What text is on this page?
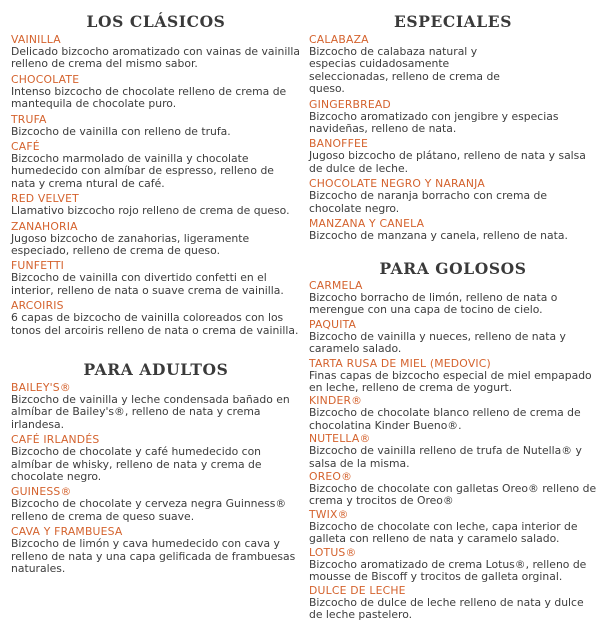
LOS CLÁSICOS
VAINILLA
Delicado bizcocho aromatizado con vainas de vainilla relleno de crema del mismo sabor.
CHOCOLATE
Intenso bizcocho de chocolate relleno de crema de mantequila de chocolate puro.
TRUFA
Bizcocho de vainilla con relleno de trufa.
CAFÉ
Bizcocho marmolado de vainilla y chocolate humedecido con almíbar de espresso, relleno de nata y crema ntural de café.
RED VELVET
Llamativo bizcocho rojo relleno de crema de queso.
ZANAHORIA
Jugoso bizcocho de zanahorias, ligeramente especiado, relleno de crema de queso.
FUNFETTI
Bizcocho de vainilla con divertido confetti en el interior, relleno de nata o suave crema de vainilla.
ARCOIRIS
6 capas de bizcocho de vainilla coloreados con los tonos del arcoiris relleno de nata o crema de vainilla.
PARA ADULTOS
BAILEY'S®
Bizcocho de vainilla y leche condensada bañado en almíbar de Bailey's®, relleno de nata y crema irlandesa.
CAFÉ IRLANDÉS
Bizcocho de chocolate y café humedecido con almíbar de whisky, relleno de nata y crema de chocolate negro.
GUINESS®
Bizcocho de chocolate y cerveza negra Guinness® relleno de crema de queso suave.
CAVA Y FRAMBUESA
Bizcocho de limón y cava humedecido con cava y relleno de nata y una capa gelificada de frambuesas naturales.
ESPECIALES
CALABAZA
Bizcocho de calabaza natural y especias cuidadosamente seleccionadas, relleno de crema de queso.
GINGERBREAD
Bizcocho aromatizado con jengibre y especias navideñas, relleno de nata.
BANOFFEE
Jugoso bizcocho de plátano, relleno de nata y salsa de dulce de leche.
CHOCOLATE NEGRO Y NARANJA
Bizcocho de naranja borracho con crema de chocolate negro.
MANZANA Y CANELA
Bizcocho de manzana y canela, relleno de nata.
PARA GOLOSOS
CARMELA
Bizcocho borracho de limón, relleno de nata o merengue con una capa de tocino de cielo.
PAQUITA
Bizcocho de vainilla y nueces, relleno de nata y caramelo salado.
TARTA RUSA DE MIEL (MEDOVIC)
Finas capas de bizcocho especial de miel empapado en leche, relleno de crema de yogurt.
KINDER®
Bizcocho de chocolate blanco relleno de crema de chocolatina Kinder Bueno®.
NUTELLA®
Bizcocho de vainilla relleno de trufa de Nutella® y salsa de la misma.
OREO®
Bizcocho de chocolate con galletas Oreo® relleno de crema y trocitos de Oreo®
TWIX®
Bizcocho de chocolate con leche, capa interior de galleta con relleno de nata y caramelo salado.
LOTUS®
Bizcocho aromatizado de crema Lotus®, relleno de mousse de Biscoff y trocitos de galleta orginal.
DULCE DE LECHE
Bizcocho de dulce de leche relleno de nata y dulce de leche pastelero.
